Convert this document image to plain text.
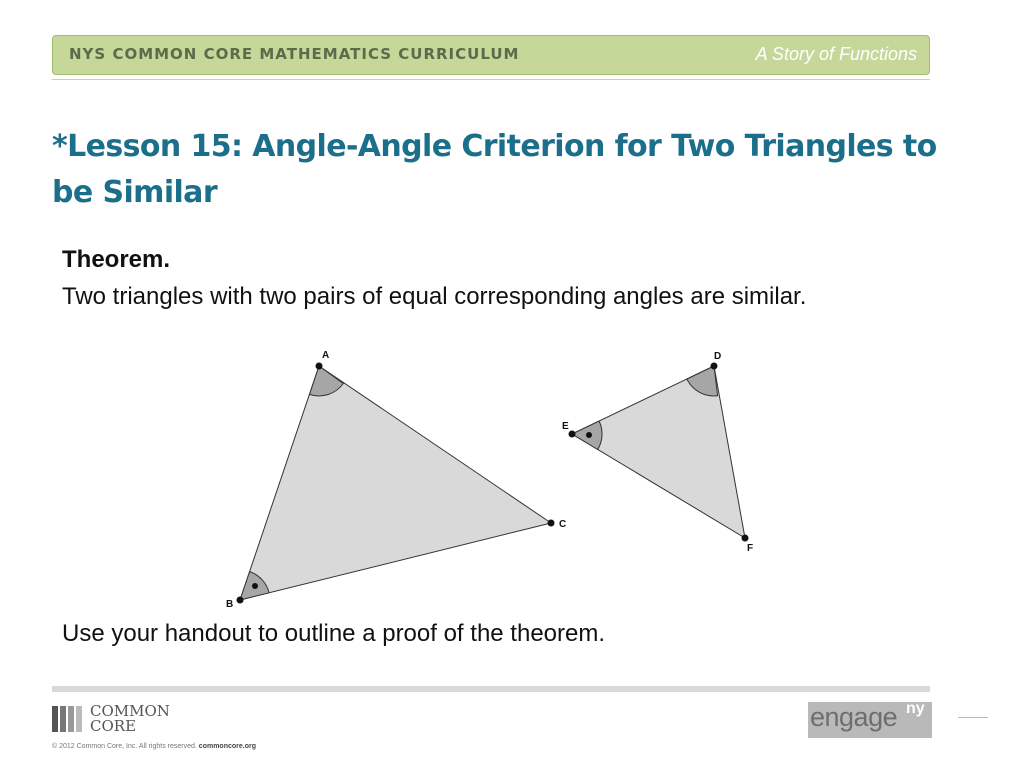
NYS COMMON CORE MATHEMATICS CURRICULUM	A Story of Functions
*Lesson 15: Angle-Angle Criterion for Two Triangles to be Similar
Theorem.
Two triangles with two pairs of equal corresponding angles are similar.
A
B
C
D
E
F
Use your handout to outline a proof of the theorem.
COMMON
CORE
© 2012 Common Core, Inc. All rights reserved. commoncore.org
engage ny
